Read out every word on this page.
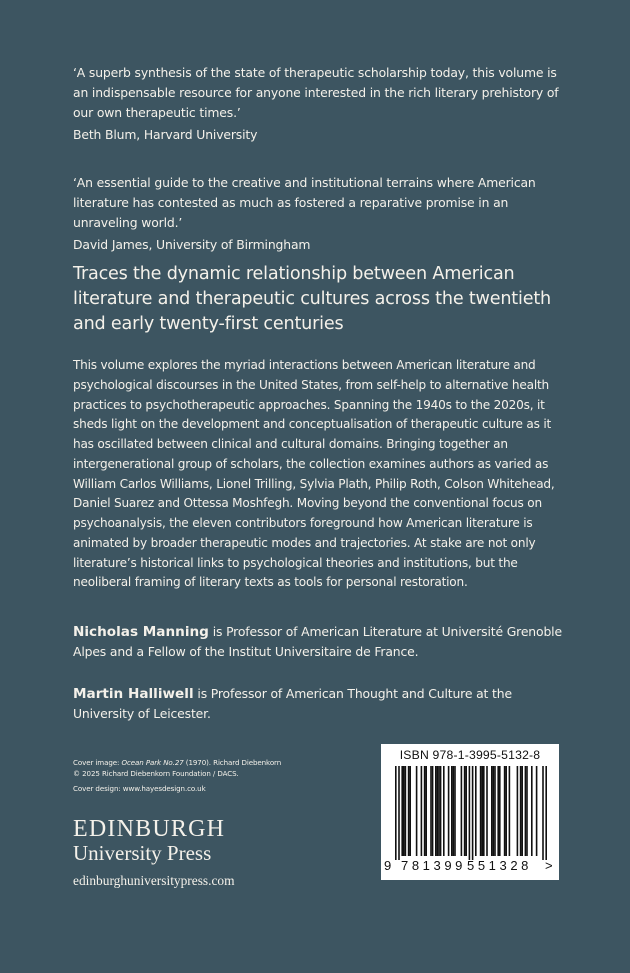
‘A superb synthesis of the state of therapeutic scholarship today, this volume is an indispensable resource for anyone interested in the rich literary prehistory of our own therapeutic times.’

Beth Blum, Harvard University

‘An essential guide to the creative and institutional terrains where American literature has contested as much as fostered a reparative promise in an unraveling world.’

David James, University of Birmingham

Traces the dynamic relationship between American literature and therapeutic cultures across the twentieth and early twenty-first centuries

This volume explores the myriad interactions between American literature and psychological discourses in the United States, from self-help to alternative health practices to psychotherapeutic approaches. Spanning the 1940s to the 2020s, it sheds light on the development and conceptualisation of therapeutic culture as it has oscillated between clinical and cultural domains. Bringing together an intergenerational group of scholars, the collection examines authors as varied as William Carlos Williams, Lionel Trilling, Sylvia Plath, Philip Roth, Colson Whitehead, Daniel Suarez and Ottessa Moshfegh. Moving beyond the conventional focus on psychoanalysis, the eleven contributors foreground how American literature is animated by broader therapeutic modes and trajectories. At stake are not only literature’s historical links to psychological theories and institutions, but the neoliberal framing of literary texts as tools for personal restoration.

Nicholas Manning is Professor of American Literature at Université Grenoble Alpes and a Fellow of the Institut Universitaire de France.

Martin Halliwell is Professor of American Thought and Culture at the University of Leicester.

Cover image: Ocean Park No.27 (1970). Richard Diebenkorn

© 2025 Richard Diebenkorn Foundation / DACS.

Cover design: www.hayesdesign.co.uk

EDINBURGH

University Press

edinburghuniversitypress.com

ISBN 978-1-3995-5132-8
9 781399 551328 >
